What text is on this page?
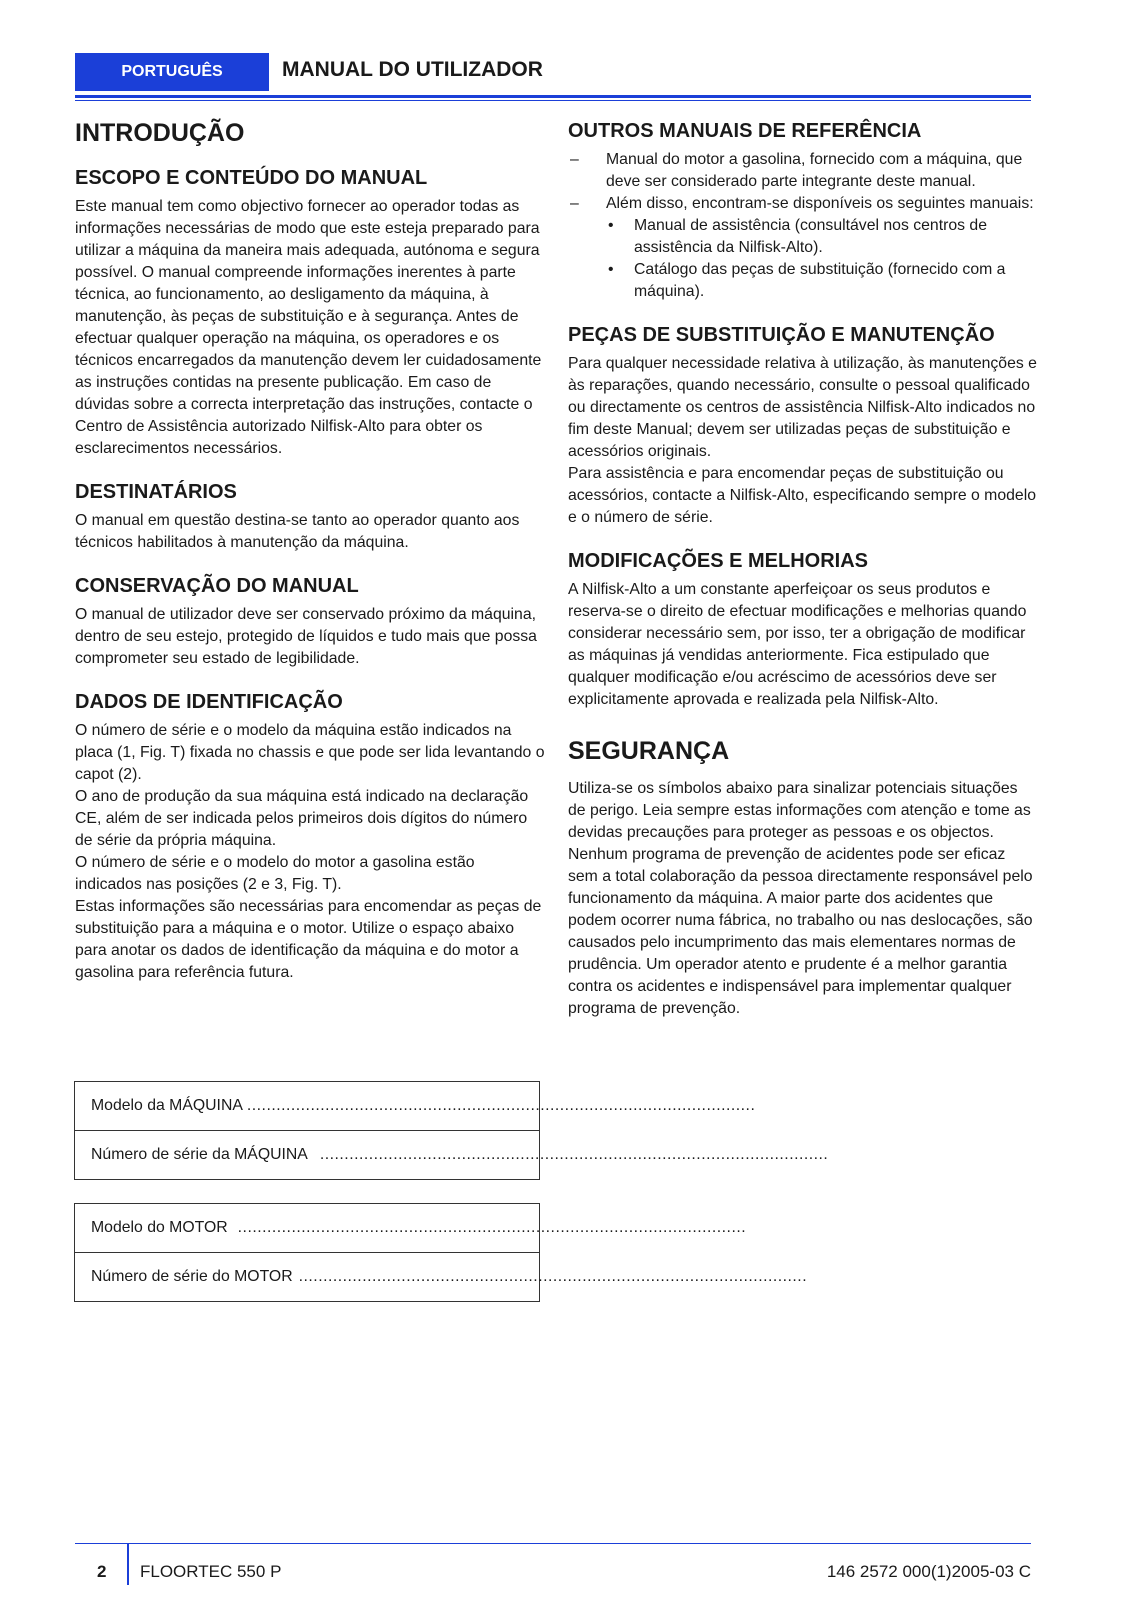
PORTUGUÊS	MANUAL DO UTILIZADOR
INTRODUÇÃO
ESCOPO E CONTEÚDO DO MANUAL

Este manual tem como objectivo fornecer ao operador todas as informações necessárias de modo que este esteja preparado para utilizar a máquina da maneira mais adequada, autónoma e segura possível. O manual compreende informações inerentes à parte técnica, ao funcionamento, ao desligamento da máquina, à manutenção, às peças de substituição e à segurança. Antes de efectuar qualquer operação na máquina, os operadores e os técnicos encarregados da manutenção devem ler cuidadosamente as instruções contidas na presente publicação. Em caso de dúvidas sobre a correcta interpretação das instruções, contacte o Centro de Assistência autorizado Nilfisk-Alto para obter os esclarecimentos necessários.

DESTINATÁRIOS

O manual em questão destina-se tanto ao operador quanto aos técnicos habilitados à manutenção da máquina.

CONSERVAÇÃO DO MANUAL

O manual de utilizador deve ser conservado próximo da máquina, dentro de seu estejo, protegido de líquidos e tudo mais que possa comprometer seu estado de legibilidade.

DADOS DE IDENTIFICAÇÃO

O número de série e o modelo da máquina estão indicados na placa (1, Fig. T) fixada no chassis e que pode ser lida levantando o capot (2).

O ano de produção da sua máquina está indicado na declaração CE, além de ser indicada pelos primeiros dois dígitos do número de série da própria máquina.

O número de série e o modelo do motor a gasolina estão indicados nas posições (2 e 3, Fig. T).

Estas informações são necessárias para encomendar as peças de substituição para a máquina e o motor. Utilize o espaço abaixo para anotar os dados de identificação da máquina e do motor a gasolina para referência futura.

Modelo da MÁQUINA ........................................................................................................
Número de série da MÁQUINA ........................................................................................................
Modelo do MOTOR ........................................................................................................
Número de série do MOTOR ........................................................................................................
OUTROS MANUAIS DE REFERÊNCIA
– Manual do motor a gasolina, fornecido com a máquina, que deve ser considerado parte integrante deste manual.
– Além disso, encontram-se disponíveis os seguintes manuais:
• Manual de assistência (consultável nos centros de assistência da Nilfisk-Alto).
• Catálogo das peças de substituição (fornecido com a máquina).
PEÇAS DE SUBSTITUIÇÃO E MANUTENÇÃO

Para qualquer necessidade relativa à utilização, às manutenções e às reparações, quando necessário, consulte o pessoal qualificado ou directamente os centros de assistência Nilfisk-Alto indicados no fim deste Manual; devem ser utilizadas peças de substituição e acessórios originais.

Para assistência e para encomendar peças de substituição ou acessórios, contacte a Nilfisk-Alto, especificando sempre o modelo e o número de série.

MODIFICAÇÕES E MELHORIAS

A Nilfisk-Alto a um constante aperfeiçoar os seus produtos e reserva-se o direito de efectuar modificações e melhorias quando considerar necessário sem, por isso, ter a obrigação de modificar as máquinas já vendidas anteriormente. Fica estipulado que qualquer modificação e/ou acréscimo de acessórios deve ser explicitamente aprovada e realizada pela Nilfisk-Alto.

SEGURANÇA

Utiliza-se os símbolos abaixo para sinalizar potenciais situações de perigo. Leia sempre estas informações com atenção e tome as devidas precauções para proteger as pessoas e os objectos.

Nenhum programa de prevenção de acidentes pode ser eficaz sem a total colaboração da pessoa directamente responsável pelo funcionamento da máquina. A maior parte dos acidentes que podem ocorrer numa fábrica, no trabalho ou nas deslocações, são causados pelo incumprimento das mais elementares normas de prudência. Um operador atento e prudente é a melhor garantia contra os acidentes e indispensável para implementar qualquer programa de prevenção.

2 FLOORTEC 550 P	146 2572 000(1)2005-03 C
